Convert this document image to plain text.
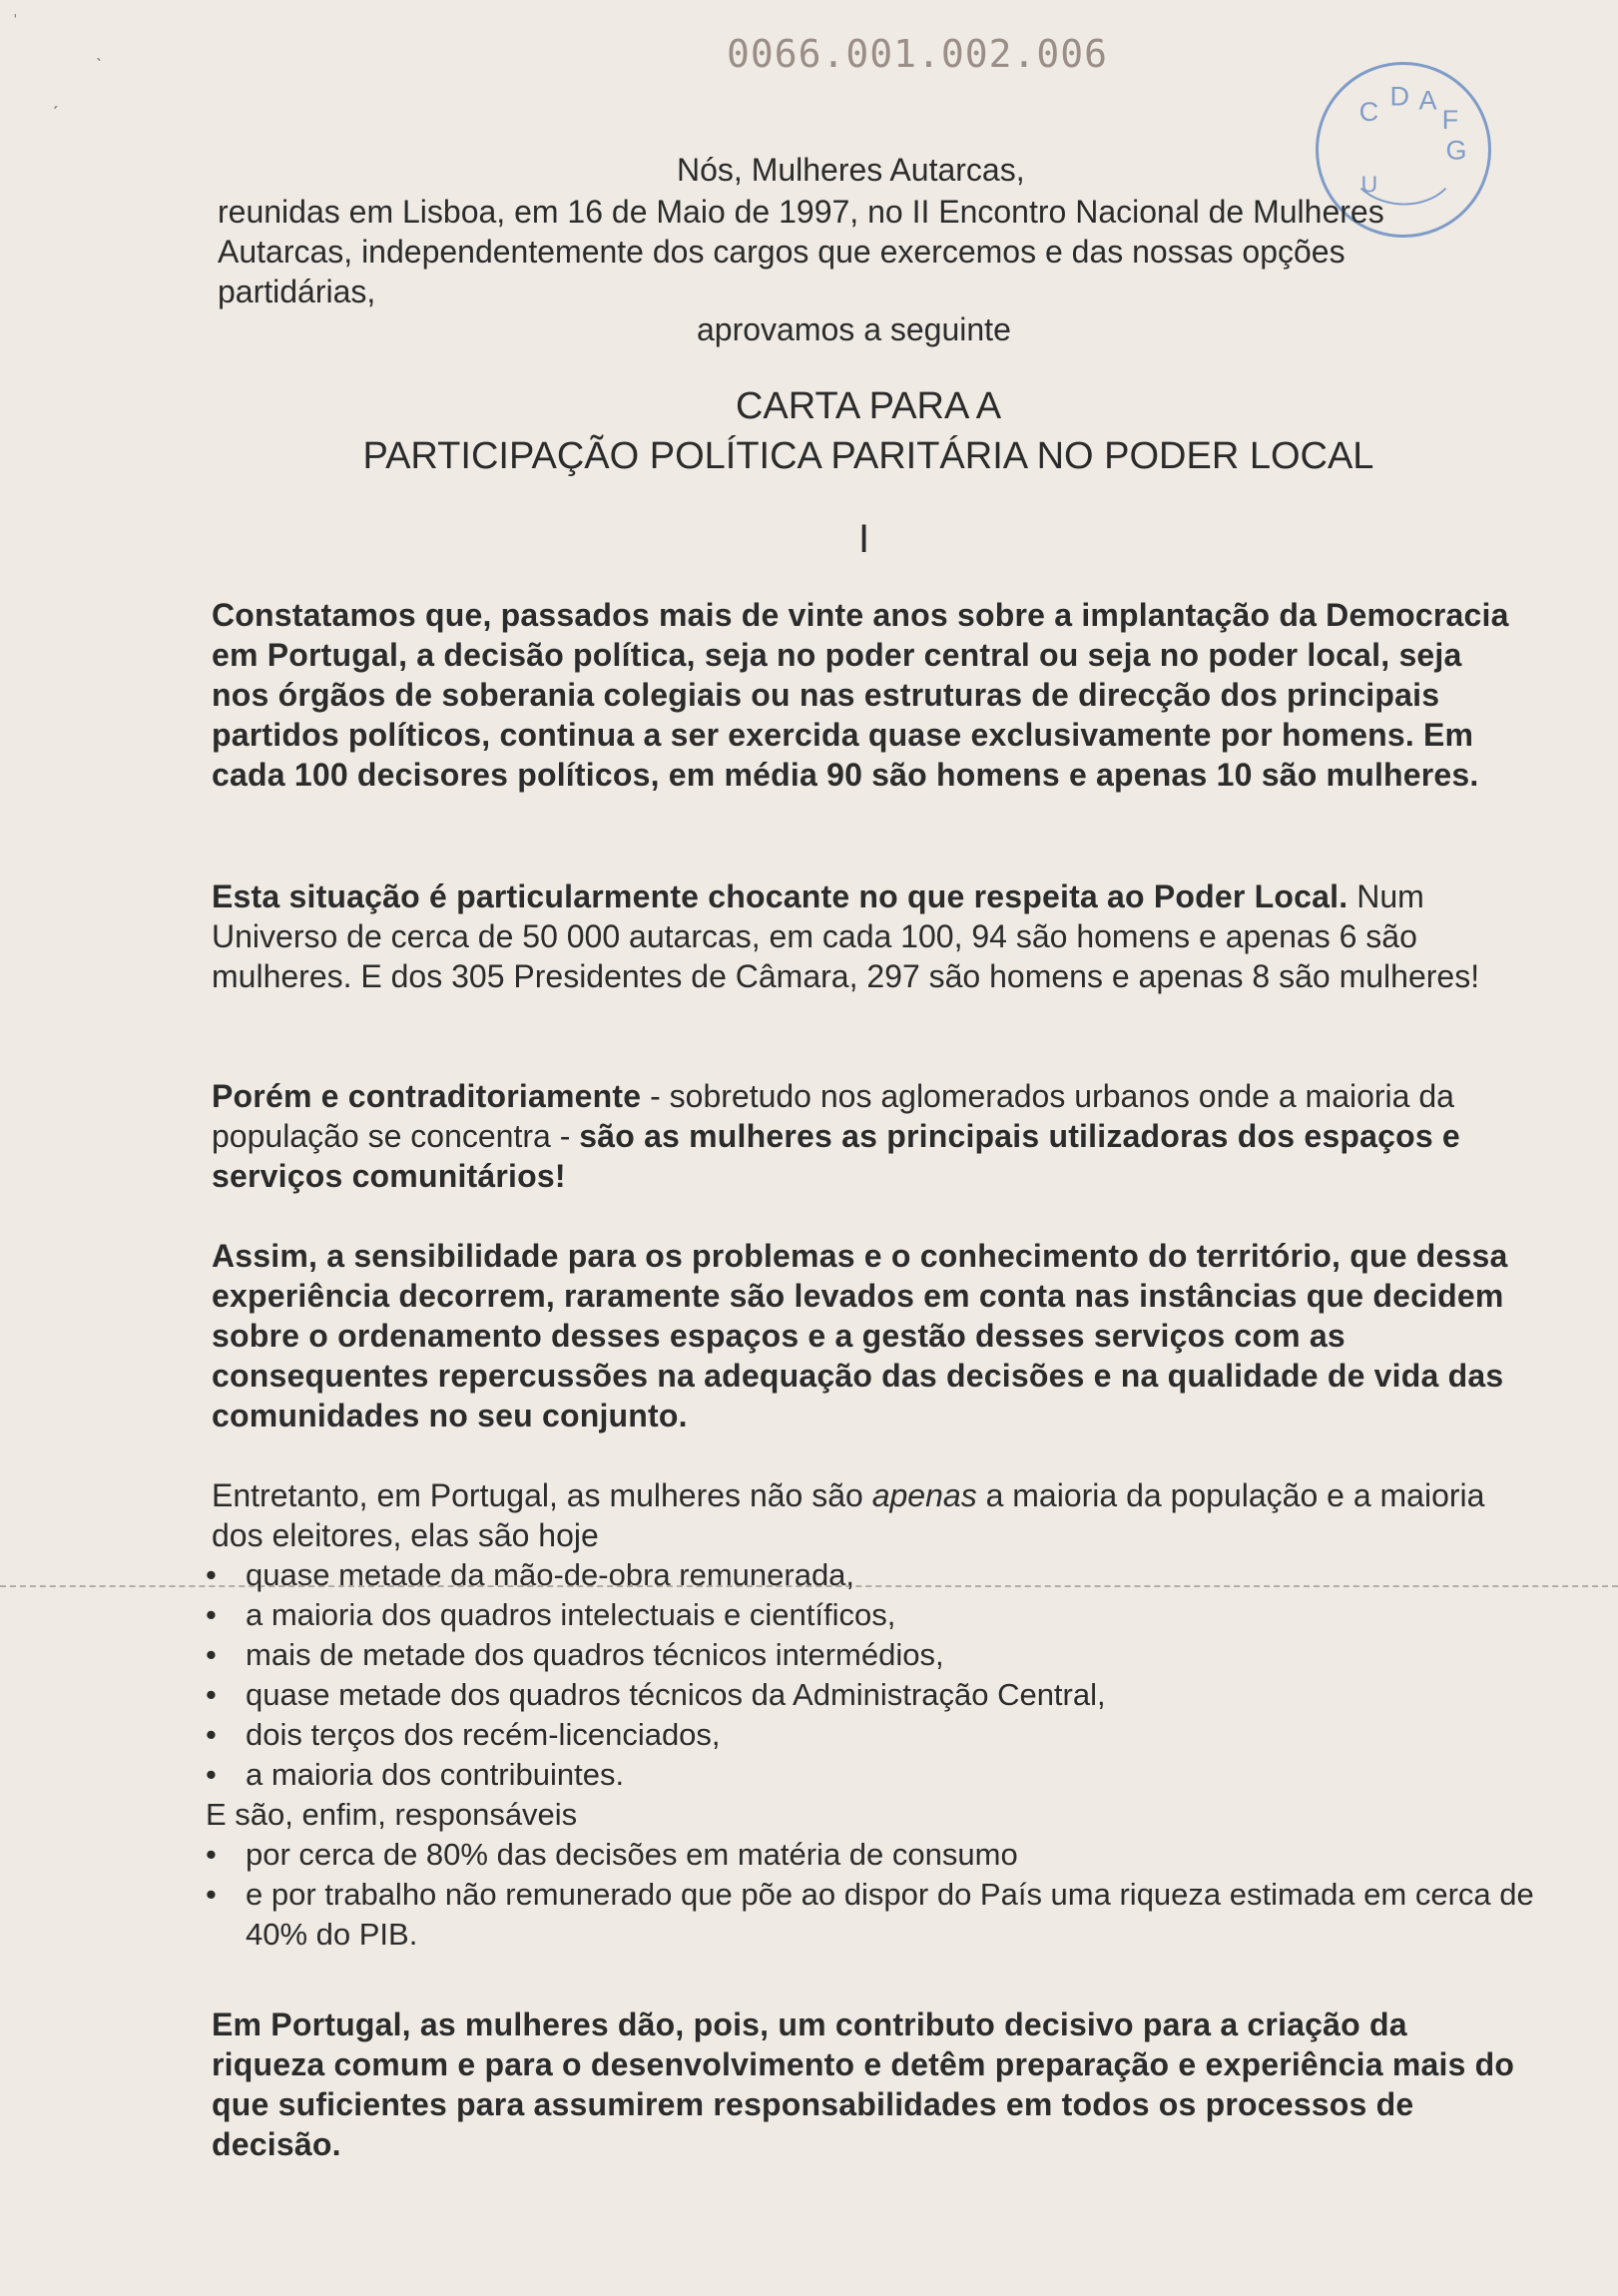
0066.001.002.006
C
D A
F
G
U
ˈ
ˎ
ˏ
Nós, Mulheres Autarcas,
reunidas em Lisboa, em 16 de Maio de 1997, no II Encontro Nacional de Mulheres
Autarcas, independentemente dos cargos que exercemos e das nossas opções
partidárias,
aprovamos a seguinte
CARTA PARA A
PARTICIPAÇÃO POLÍTICA PARITÁRIA NO PODER LOCAL
I
Constatamos que, passados mais de vinte anos sobre a implantação da Democracia em Portugal, a decisão política, seja no poder central ou seja no poder local, seja nos órgãos de soberania colegiais ou nas estruturas de direcção dos principais partidos políticos, continua a ser exercida quase exclusivamente por homens. Em cada 100 decisores políticos, em média 90 são homens e apenas 10 são mulheres.
Esta situação é particularmente chocante no que respeita ao Poder Local. Num Universo de cerca de 50 000 autarcas, em cada 100, 94 são homens e apenas 6 são mulheres. E dos 305 Presidentes de Câmara, 297 são homens e apenas 8 são mulheres!
Porém e contraditoriamente - sobretudo nos aglomerados urbanos onde a maioria da população se concentra - são as mulheres as principais utilizadoras dos espaços e serviços comunitários!
Assim, a sensibilidade para os problemas e o conhecimento do território, que dessa experiência decorrem, raramente são levados em conta nas instâncias que decidem sobre o ordenamento desses espaços e a gestão desses serviços com as consequentes repercussões na adequação das decisões e na qualidade de vida das comunidades no seu conjunto.
Entretanto, em Portugal, as mulheres não são apenas a maioria da população e a maioria dos eleitores, elas são hoje
• quase metade da mão-de-obra remunerada,
• a maioria dos quadros intelectuais e científicos,
• mais de metade dos quadros técnicos intermédios,
• quase metade dos quadros técnicos da Administração Central,
• dois terços dos recém-licenciados,
• a maioria dos contribuintes.
E são, enfim, responsáveis
• por cerca de 80% das decisões em matéria de consumo
• e por trabalho não remunerado que põe ao dispor do País uma riqueza estimada em cerca de 40% do PIB.
Em Portugal, as mulheres dão, pois, um contributo decisivo para a criação da riqueza comum e para o desenvolvimento e detêm preparação e experiência mais do que suficientes para assumirem responsabilidades em todos os processos de decisão.
